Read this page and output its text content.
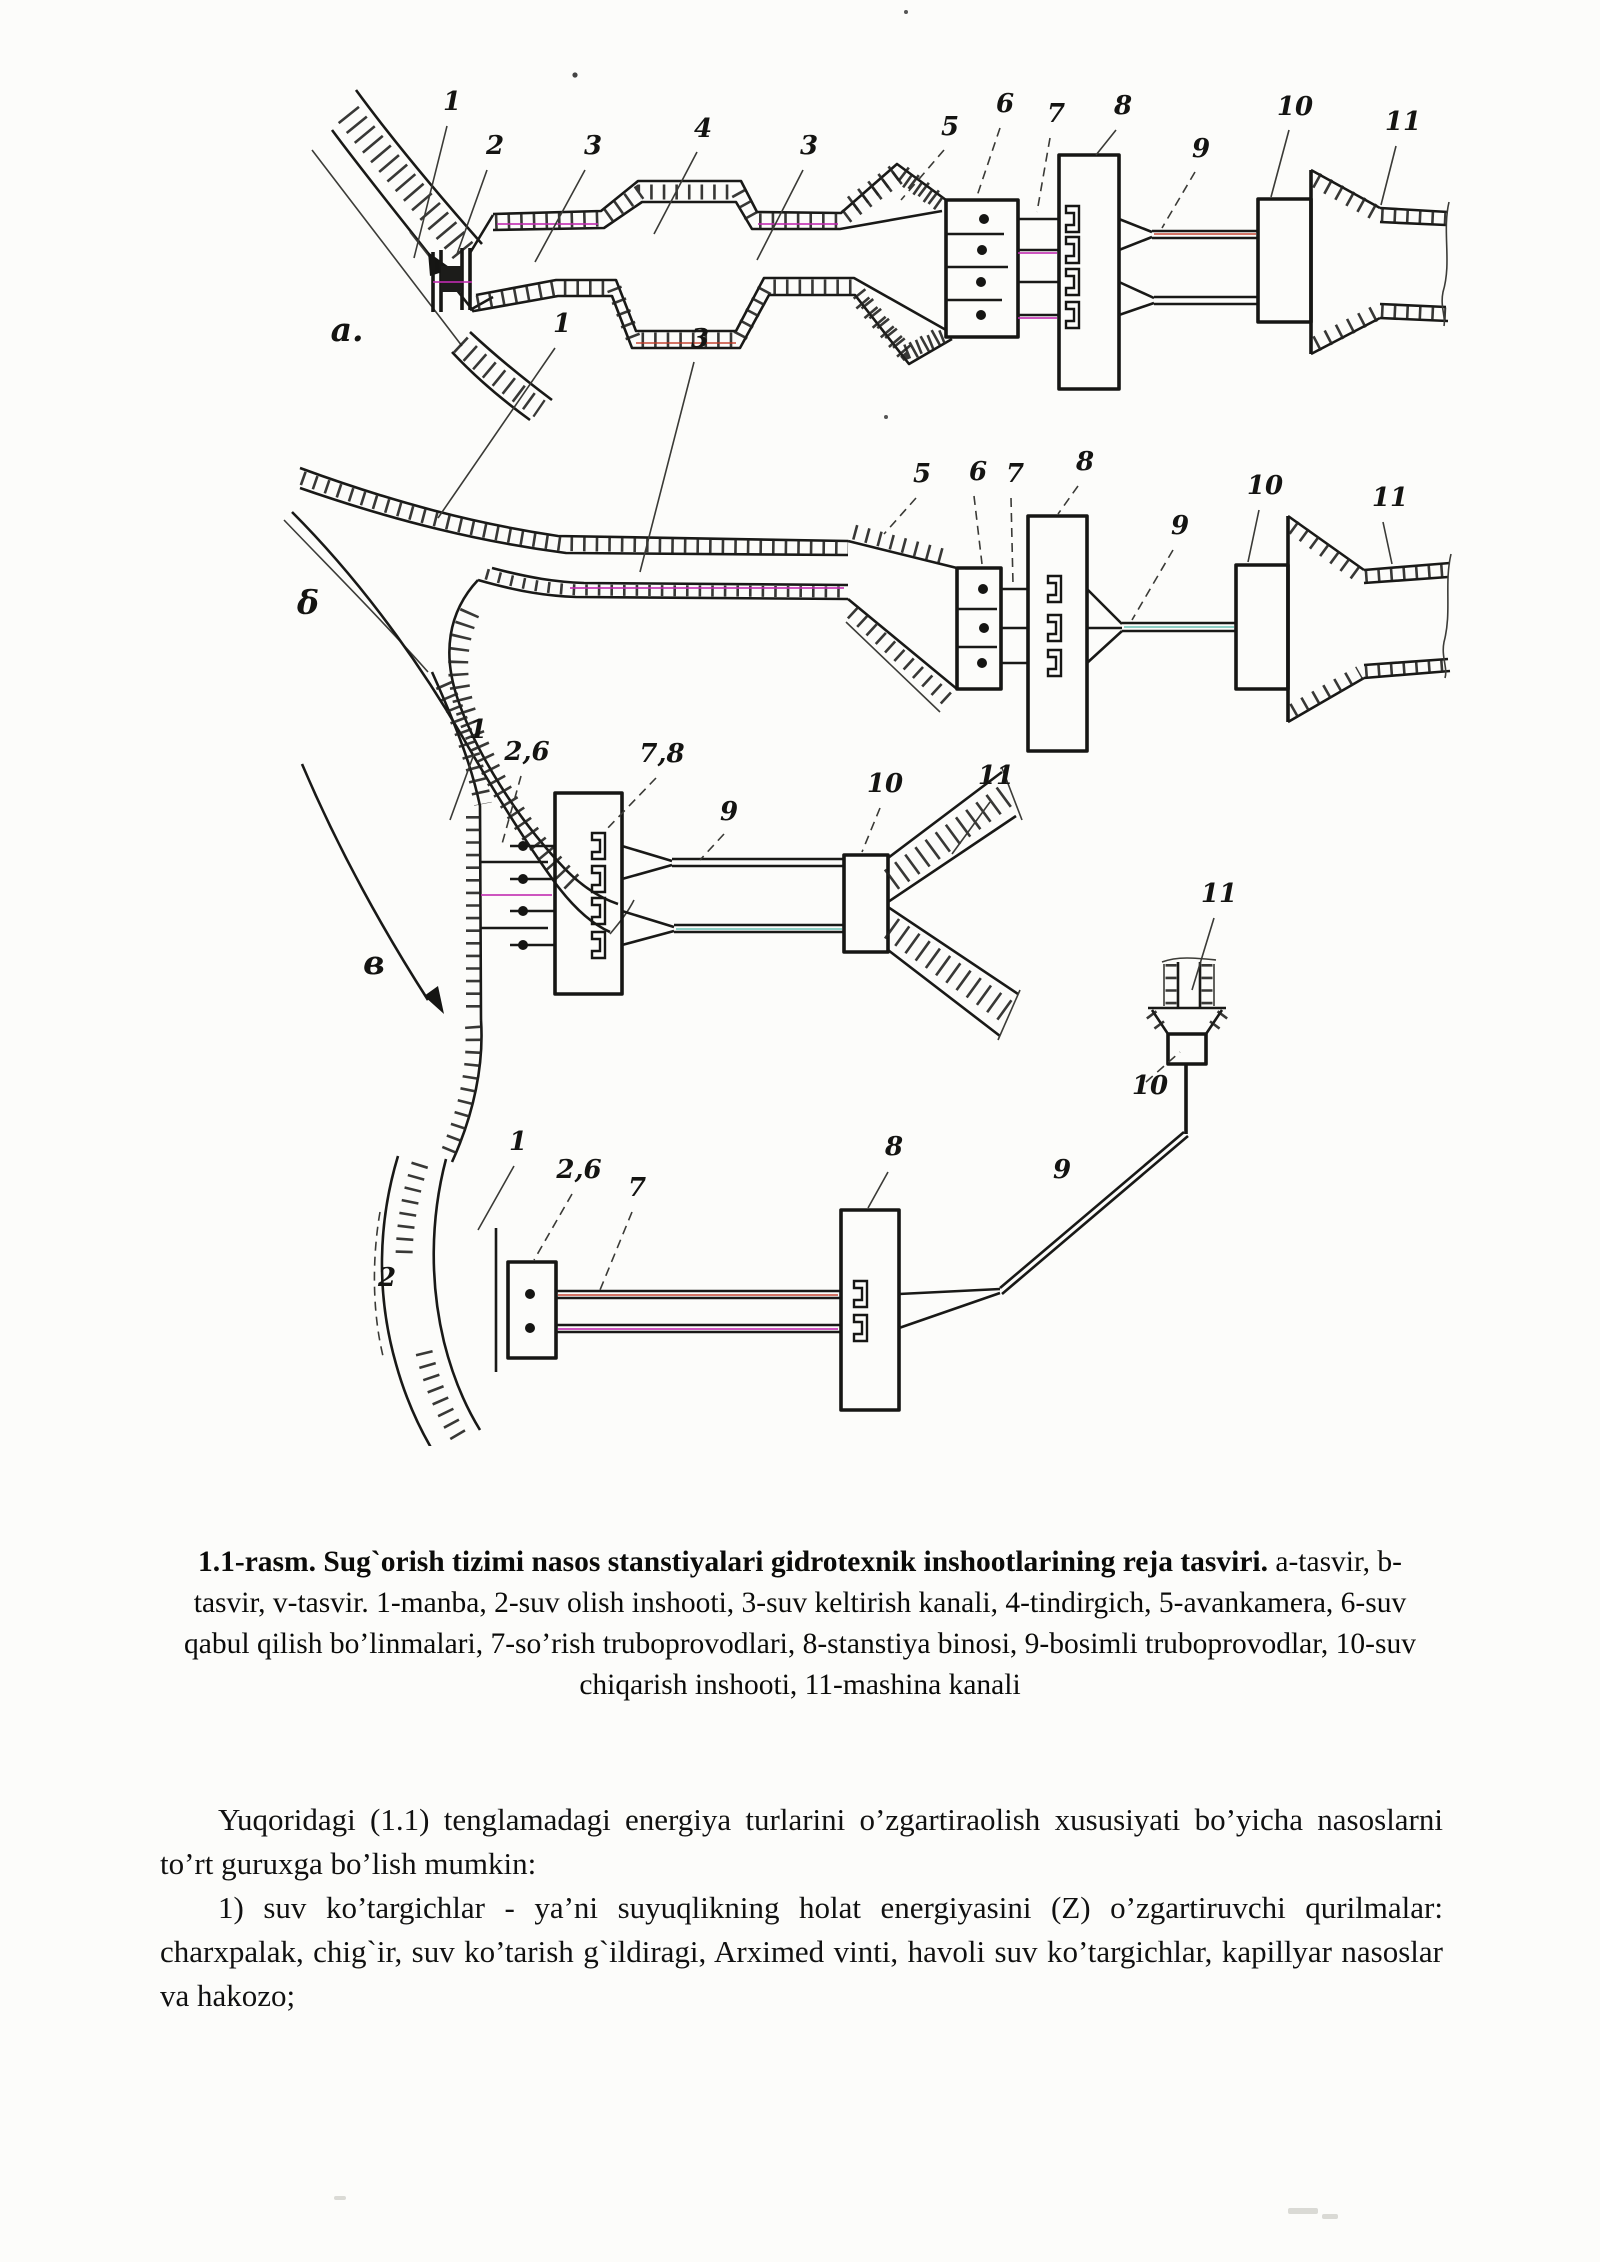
a.
1
2	3
4
3
5
6 7 8
9
10	11
δ
1	3
5 6 7 8
9
10	11
в
1
2,6	7,8
9
10	11
1
2,6
7
8
9
10
11
2
1.1-rasm. Sug`orish tizimi nasos stanstiyalari gidrotexnik inshootlarining reja tasviri. a-tasvir, b-tasvir, v-tasvir. 1-manba, 2-suv olish inshooti, 3-suv keltirish kanali, 4-tindirgich, 5-avankamera, 6-suv qabul qilish bo’linmalari, 7-so’rish truboprovodlari, 8-stanstiya binosi, 9-bosimli truboprovodlar, 10-suv chiqarish inshooti, 11-mashina kanali

Yuqoridagi (1.1) tenglamadagi energiya turlarini o’zgartiraolish xususiyati bo’yicha nasoslarni to’rt guruxga bo’lish mumkin:

1) suv ko’targichlar - ya’ni suyuqlikning holat energiyasini (Z) o’zgartiruvchi qurilmalar: charxpalak, chig`ir, suv ko’tarish g`ildiragi, Arximed vinti, havoli suv ko’targichlar, kapillyar nasoslar va hakozo;
